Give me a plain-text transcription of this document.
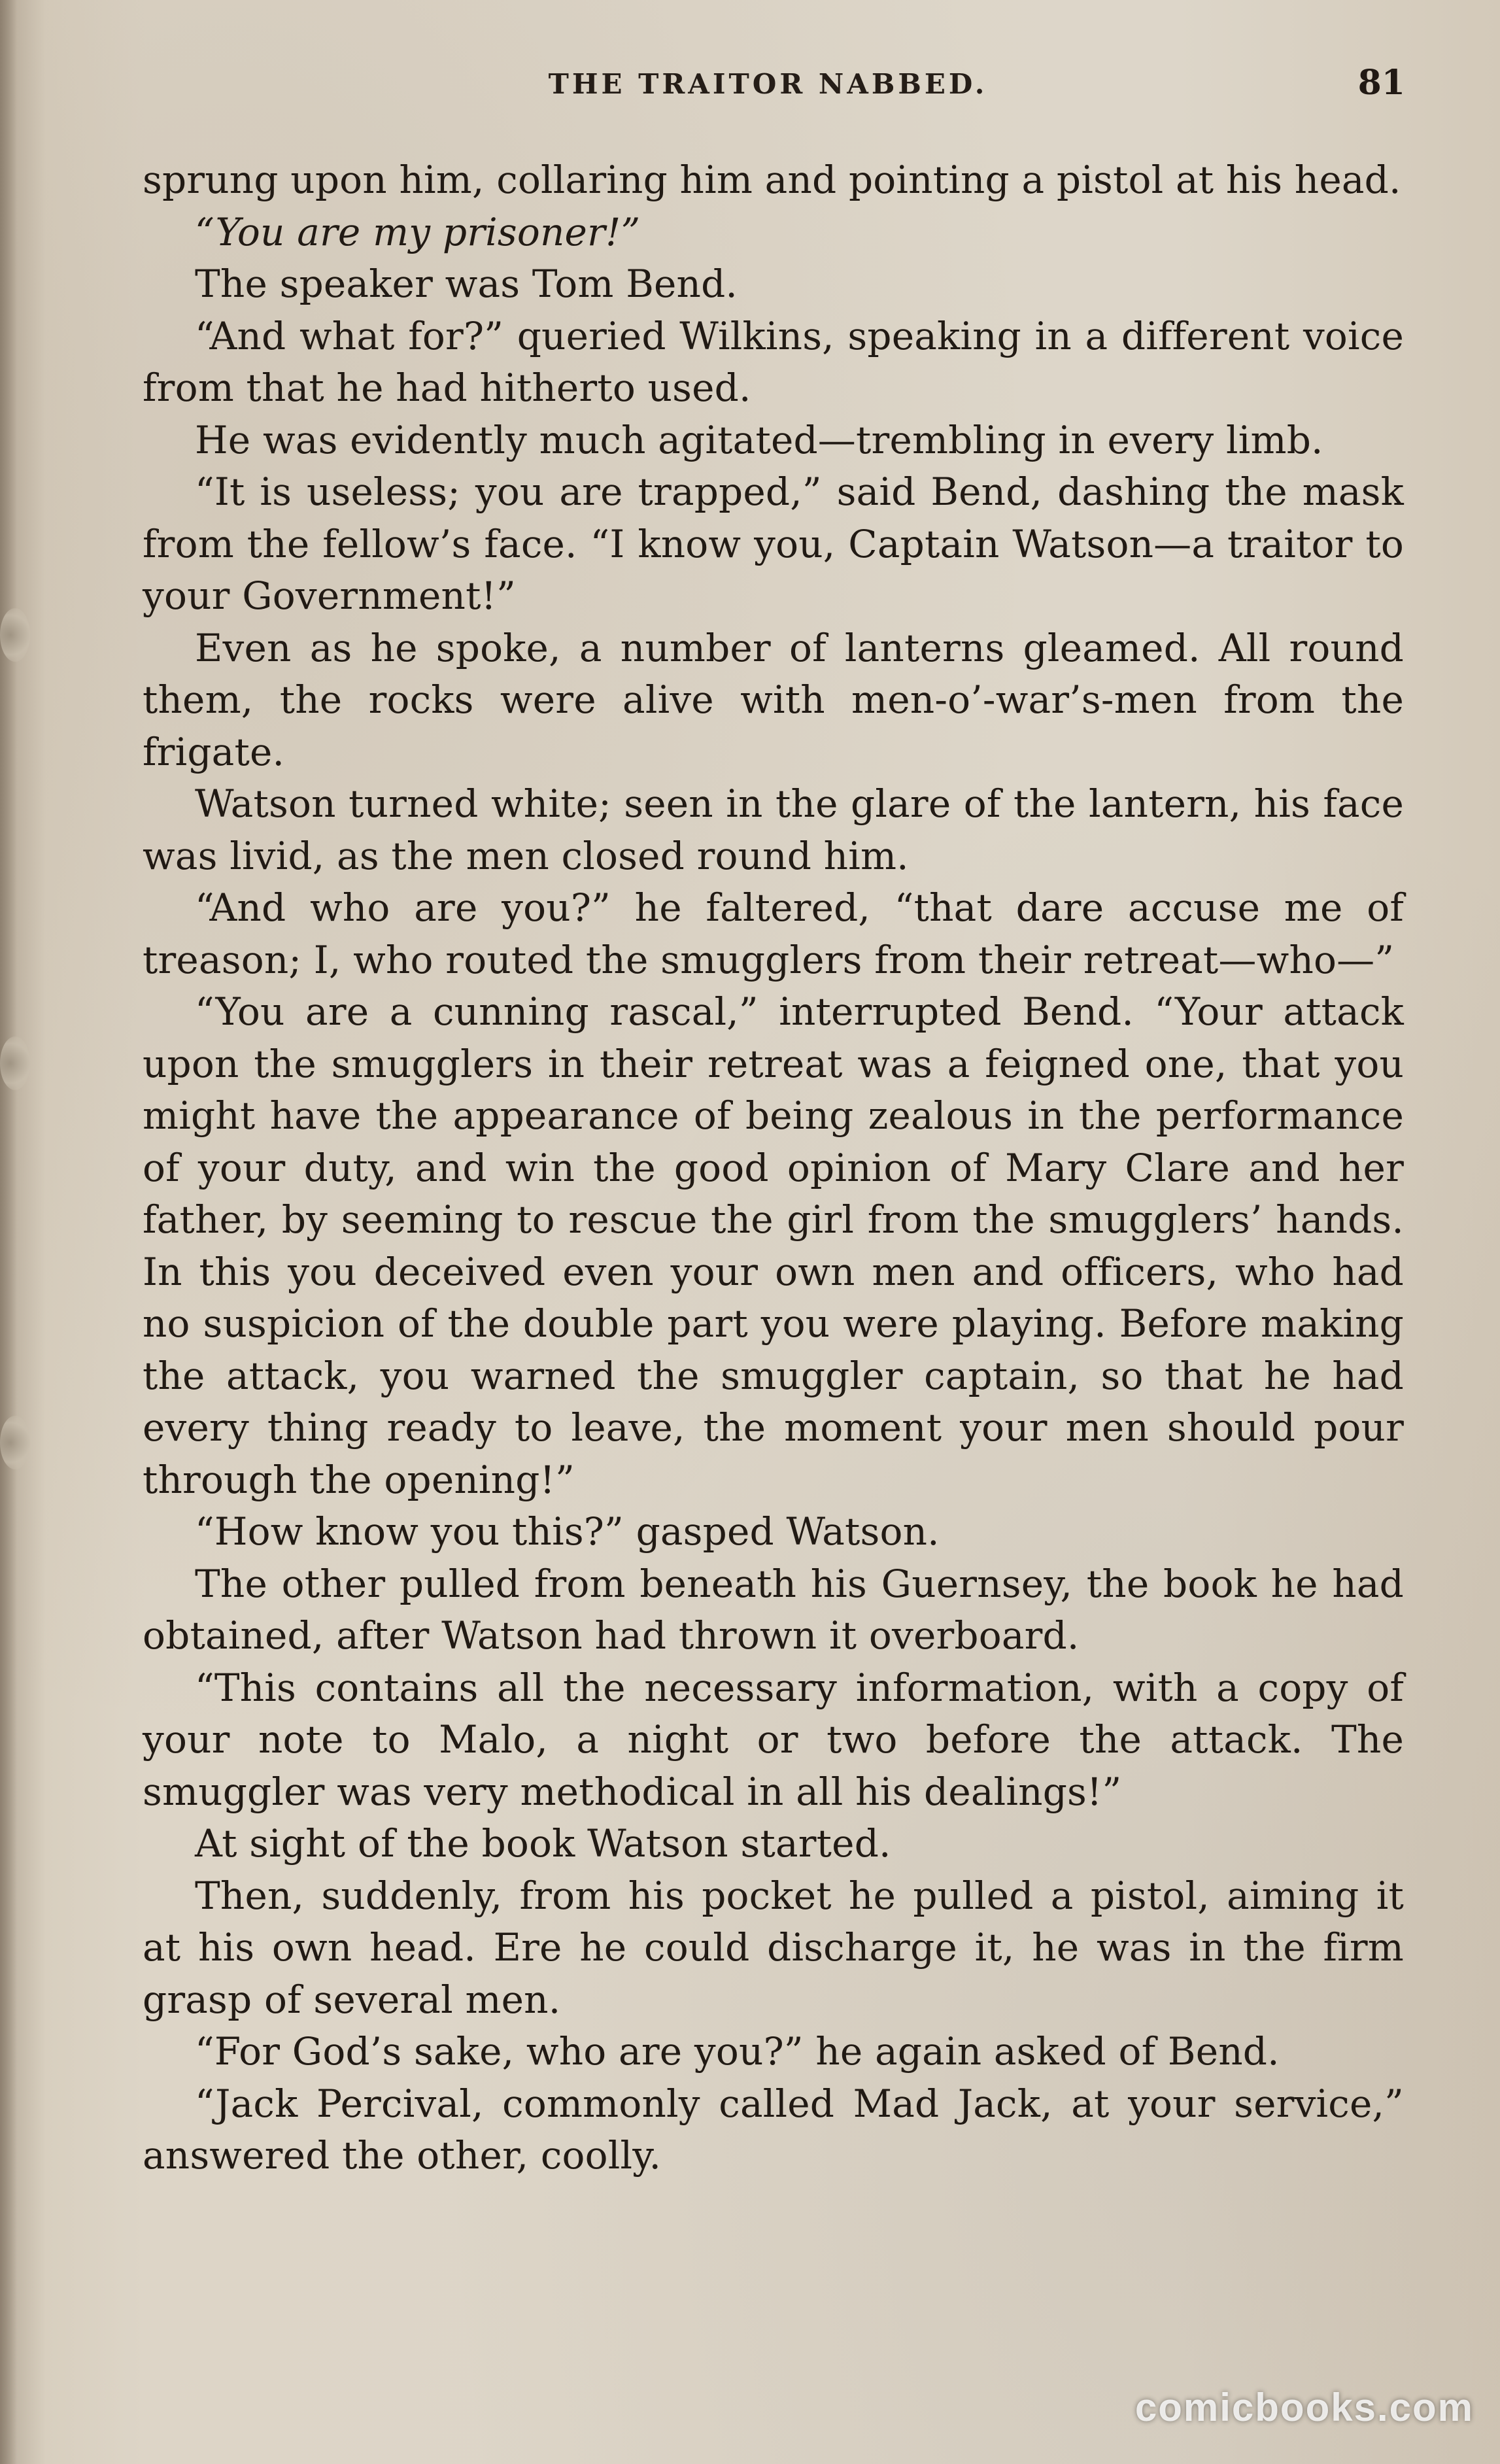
THE TRAITOR NABBED.	81

sprung upon him, collaring him and pointing a pistol at his head.

“You are my prisoner!”

The speaker was Tom Bend.

“And what for?” queried Wilkins, speaking in a different voice from that he had hitherto used.

He was evidently much agitated—trembling in every limb.

“It is useless; you are trapped,” said Bend, dashing the mask from the fellow’s face. “I know you, Captain Watson—a traitor to your Government!”

Even as he spoke, a number of lanterns gleamed. All round them, the rocks were alive with men-o’-war’s-men from the frigate.

Watson turned white; seen in the glare of the lantern, his face was livid, as the men closed round him.

“And who are you?” he faltered, “that dare accuse me of treason; I, who routed the smugglers from their retreat—who—”

“You are a cunning rascal,” interrupted Bend. “Your attack upon the smugglers in their retreat was a feigned one, that you might have the appearance of being zealous in the performance of your duty, and win the good opinion of Mary Clare and her father, by seeming to rescue the girl from the smugglers’ hands. In this you deceived even your own men and officers, who had no suspicion of the double part you were playing. Before making the attack, you warned the smuggler captain, so that he had every thing ready to leave, the moment your men should pour through the opening!”

“How know you this?” gasped Watson.

The other pulled from beneath his Guernsey, the book he had obtained, after Watson had thrown it overboard.

“This contains all the necessary information, with a copy of your note to Malo, a night or two before the attack. The smuggler was very methodical in all his dealings!”

At sight of the book Watson started.

Then, suddenly, from his pocket he pulled a pistol, aiming it at his own head. Ere he could discharge it, he was in the firm grasp of several men.

“For God’s sake, who are you?” he again asked of Bend.

“Jack Percival, commonly called Mad Jack, at your service,” answered the other, coolly.

comicbooks.com
